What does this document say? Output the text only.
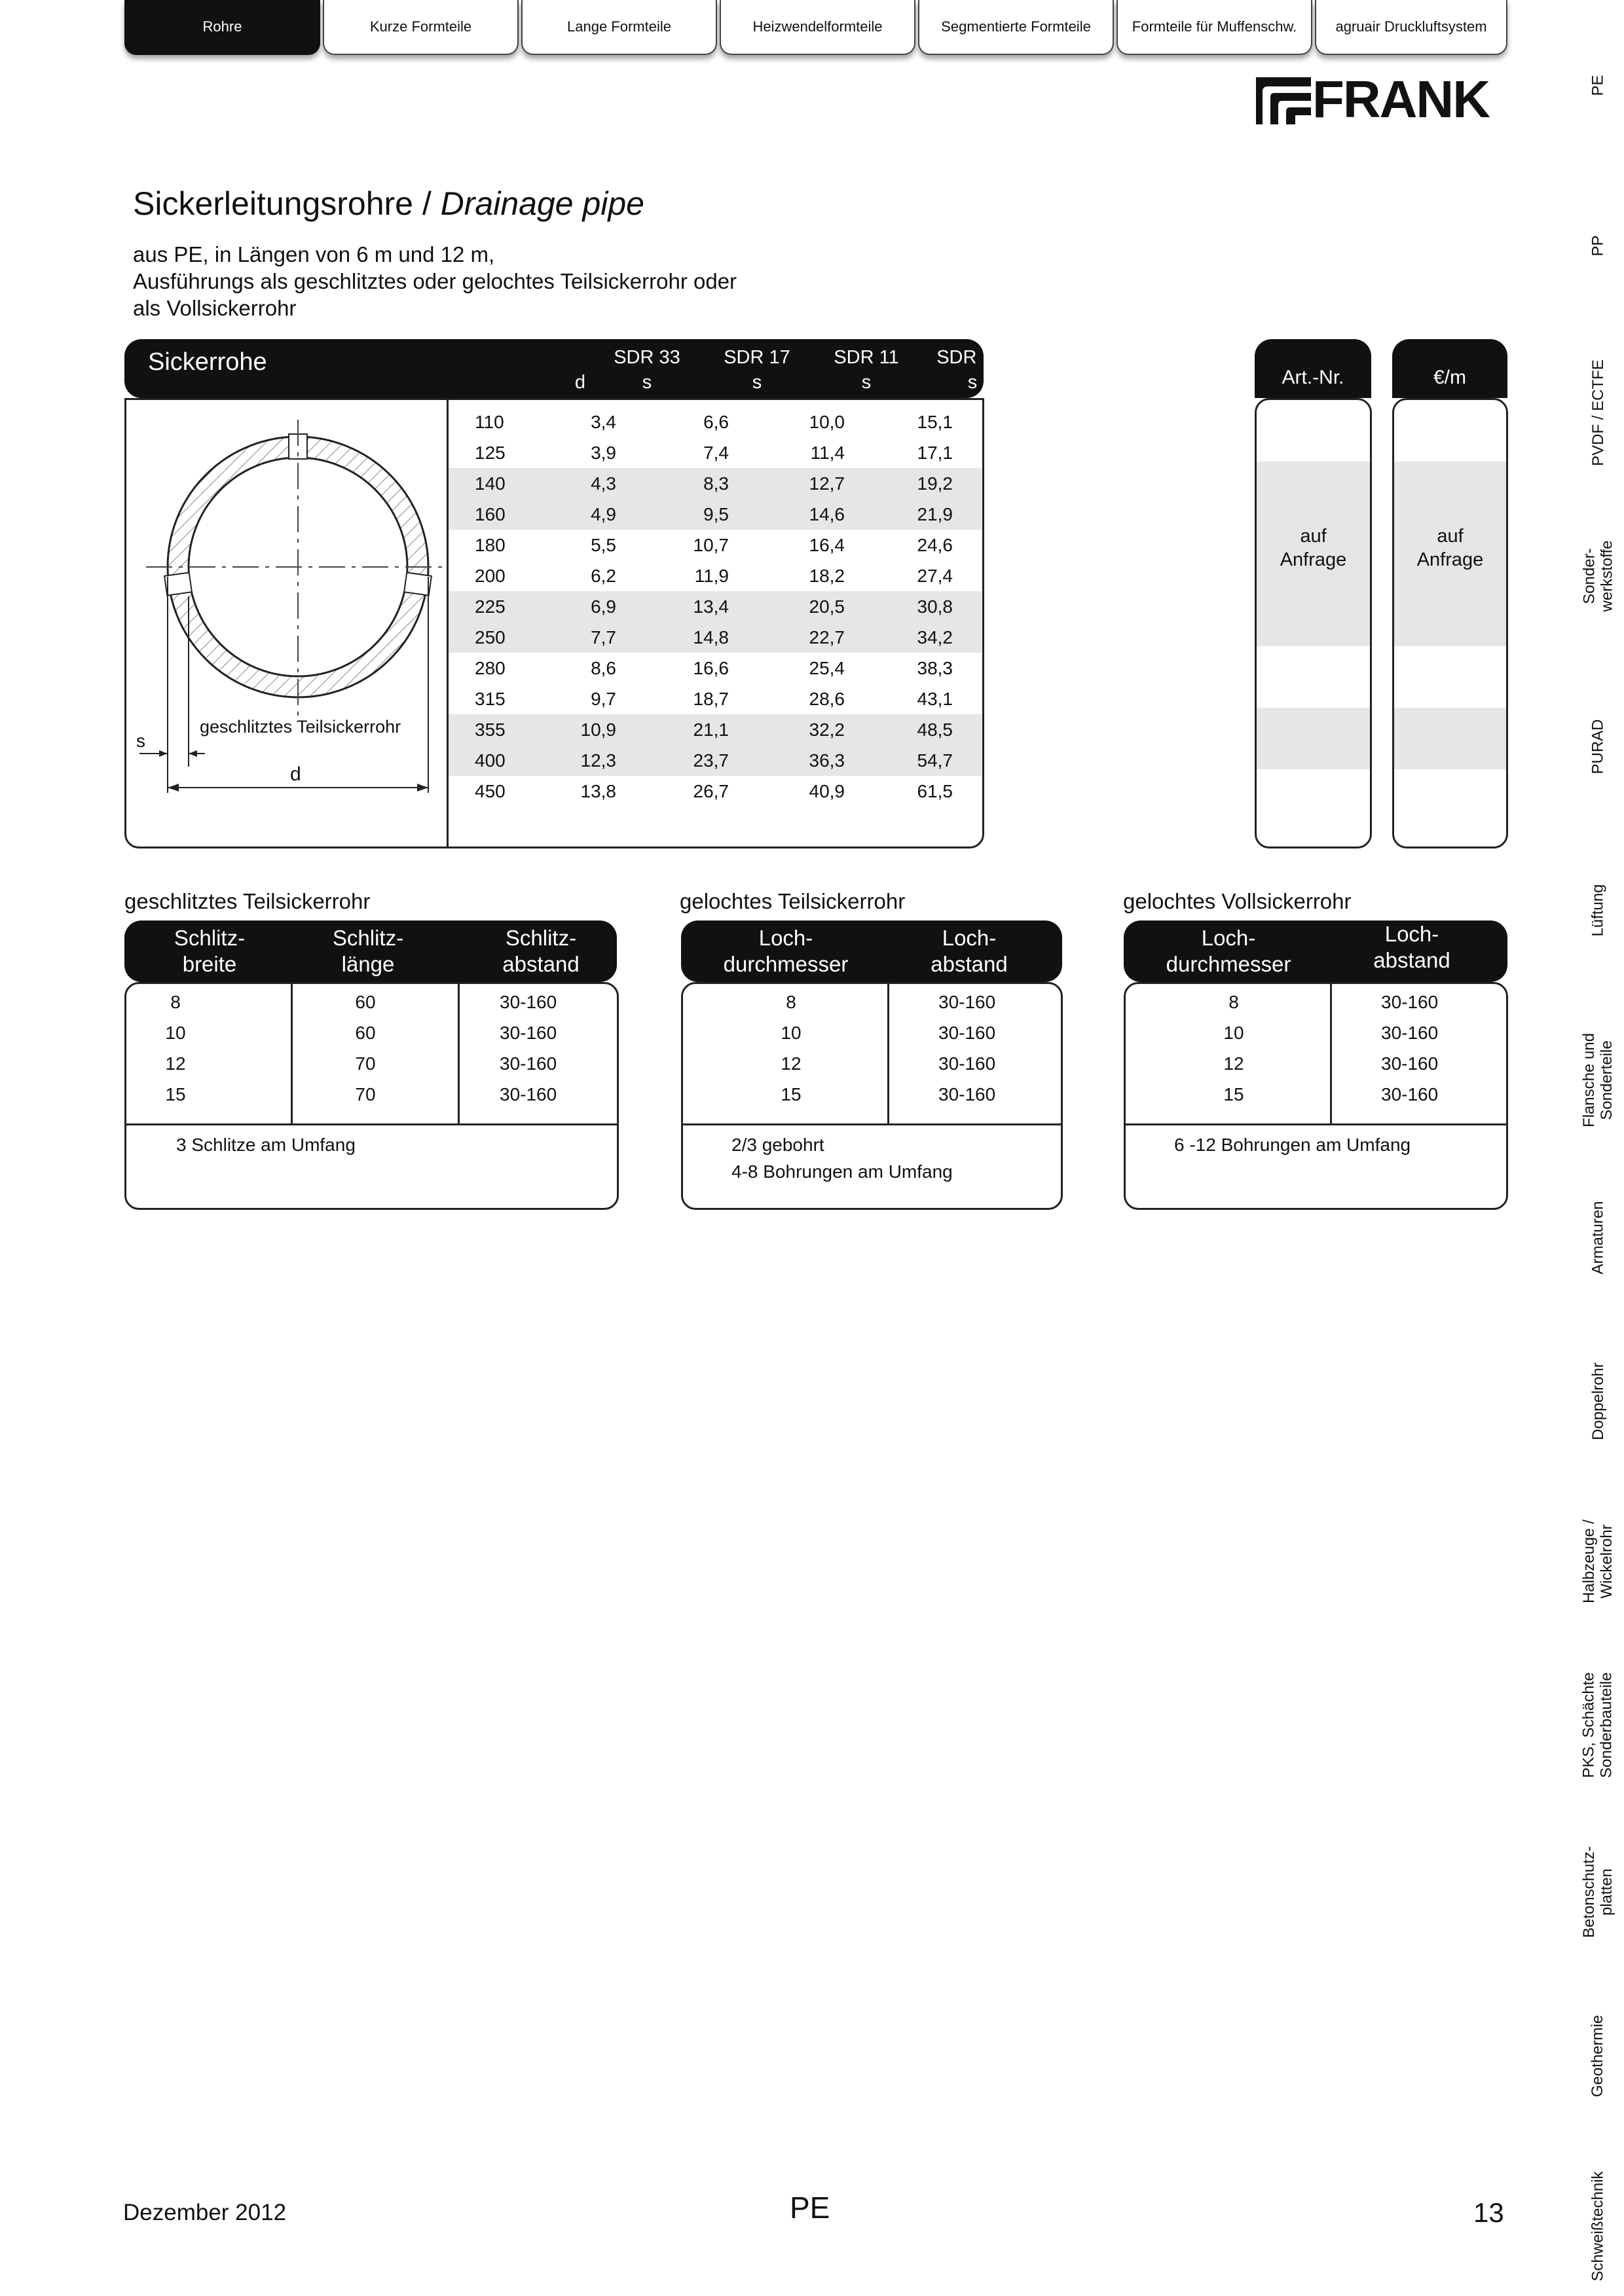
Rohre	Kurze Formteile	Lange Formteile	Heizwendelformteile	Segmentierte Formteile	Formteile für Muffenschw.	agruair Druckluftsystem
FRANK	PE
PP
PVDF / ECTFE
Sonder-
werkstoffe
PURAD
Lüftung
Flansche und
Sonderteile
Armaturen
Doppelrohr
Halbzeuge /
Wickelrohr
PKS, Schächte
Sonderbauteile
Betonschutz-
platten
Geothermie
Schweißtechnik
Sickerleitungsrohre / Drainage pipe
aus PE, in Längen von 6 m und 12 m,
Ausführungs als geschlitztes oder gelochtes Teilsickerrohr oder
als Vollsickerrohr
Sickerrohe
d
SDR 33
s
SDR 17
s
SDR 11
s
SDR 7,4
s
110	3,4	6,6	10,0	15,1
125	3,9	7,4	11,4	17,1
140	4,3	8,3	12,7	19,2
160	4,9	9,5	14,6	21,9
180	5,5	10,7	16,4	24,6
200	6,2	11,9	18,2	27,4
225	6,9	13,4	20,5	30,8
250	7,7	14,8	22,7	34,2
280	8,6	16,6	25,4	38,3
315	9,7	18,7	28,6	43,1
355	10,9	21,1	32,2	48,5
400	12,3	23,7	36,3	54,7
450	13,8	26,7	40,9	61,5
geschlitztes Teilsickerrohr
s
d
Art.-Nr.
auf
Anfrage
€/m
auf
Anfrage
geschlitztes Teilsickerrohr
Schlitz-
breite
Schlitz-
länge
Schlitz-
abstand
8	60	30-160
10	60	30-160
12	70	30-160
15	70	30-160
3 Schlitze am Umfang
gelochtes Teilsickerrohr
Loch-
durchmesser
Loch-
abstand
8	30-160
10	30-160
12	30-160
15	30-160
2/3 gebohrt
4-8 Bohrungen am Umfang
gelochtes Vollsickerrohr
Loch-
durchmesser
Loch-
abstand
8	30-160
10	30-160
12	30-160
15	30-160
6 -12 Bohrungen am Umfang
Dezember 2012	PE	13
